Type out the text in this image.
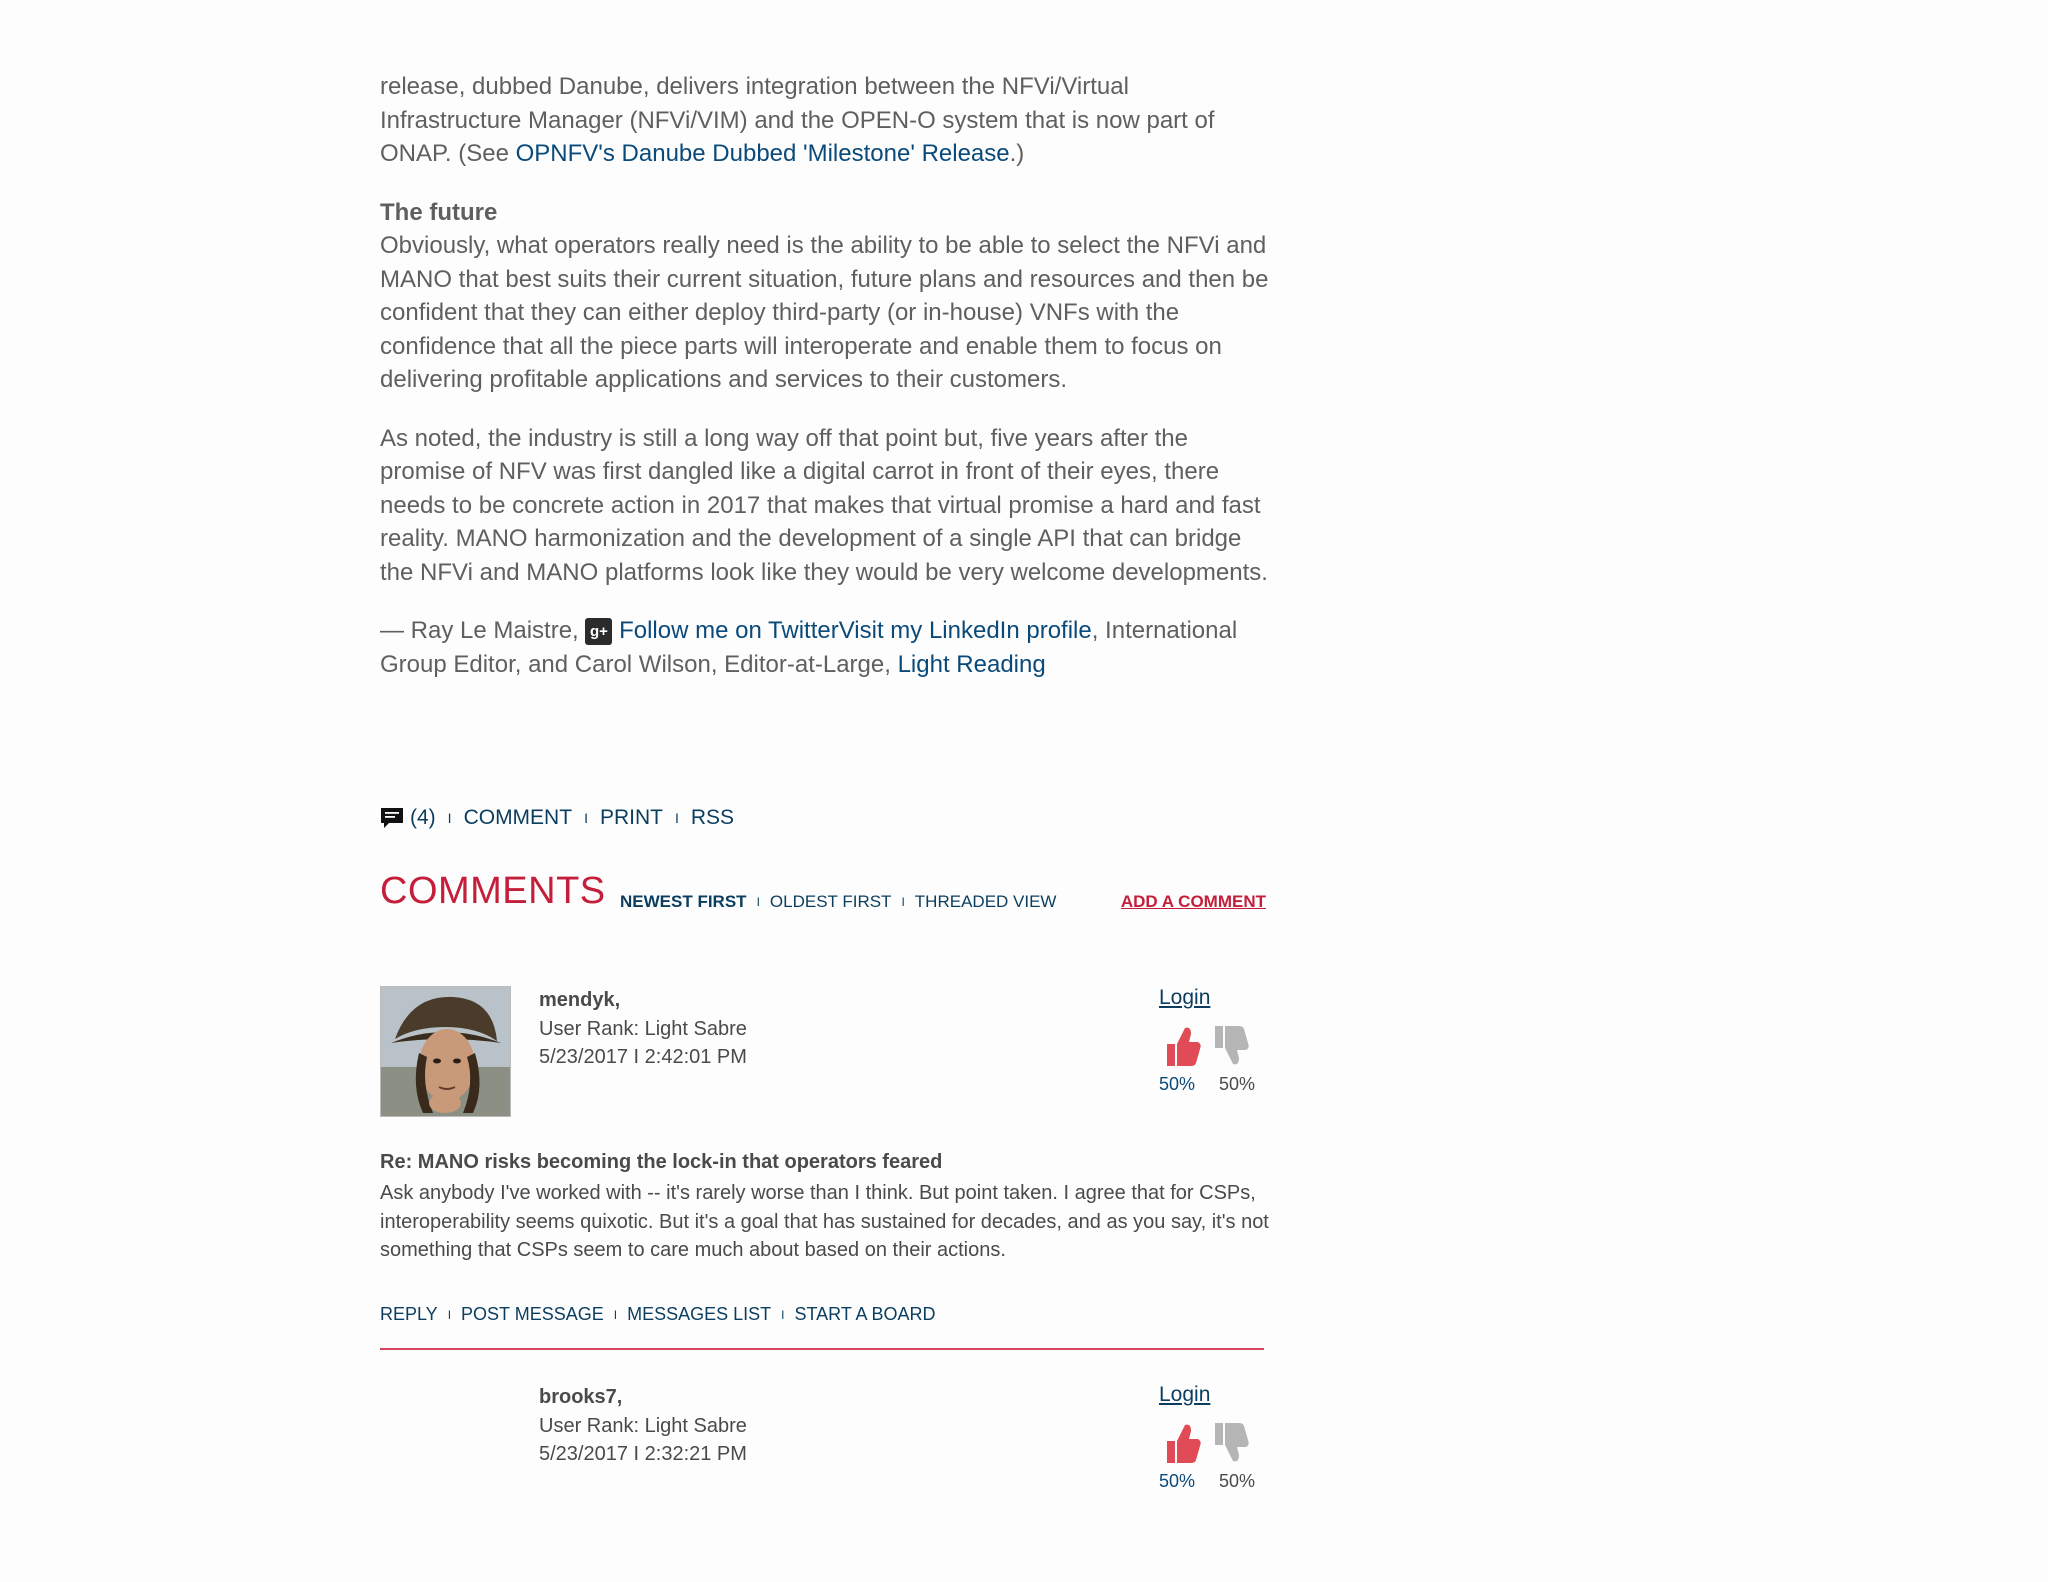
release, dubbed Danube, delivers integration between the NFVi/Virtual Infrastructure Manager (NFVi/VIM) and the OPEN-O system that is now part of ONAP. (See OPNFV's Danube Dubbed 'Milestone' Release.)

The future
Obviously, what operators really need is the ability to be able to select the NFVi and MANO that best suits their current situation, future plans and resources and then be confident that they can either deploy third-party (or in-house) VNFs with the confidence that all the piece parts will interoperate and enable them to focus on delivering profitable applications and services to their customers.

As noted, the industry is still a long way off that point but, five years after the promise of NFV was first dangled like a digital carrot in front of their eyes, there needs to be concrete action in 2017 that makes that virtual promise a hard and fast reality. MANO harmonization and the development of a single API that can bridge the NFVi and MANO platforms look like they would be very welcome developments.

— Ray Le Maistre, g+ Follow me on TwitterVisit my LinkedIn profile, International Group Editor, and Carol Wilson, Editor-at-Large, Light Reading

(4) I COMMENT I PRINT I RSS
COMMENTS NEWEST FIRST I OLDEST FIRST I THREADED VIEW	ADD A COMMENT
mendyk,
User Rank: Light Sabre
5/23/2017 I 2:42:01 PM
Login
50% 50%
Re: MANO risks becoming the lock-in that operators feared
Ask anybody I've worked with -- it's rarely worse than I think. But point taken. I agree that for CSPs, interoperability seems quixotic. But it's a goal that has sustained for decades, and as you say, it's not something that CSPs seem to care much about based on their actions.
REPLY I POST MESSAGE I MESSAGES LIST I START A BOARD
brooks7,
User Rank: Light Sabre
5/23/2017 I 2:32:21 PM
Login
50% 50%
